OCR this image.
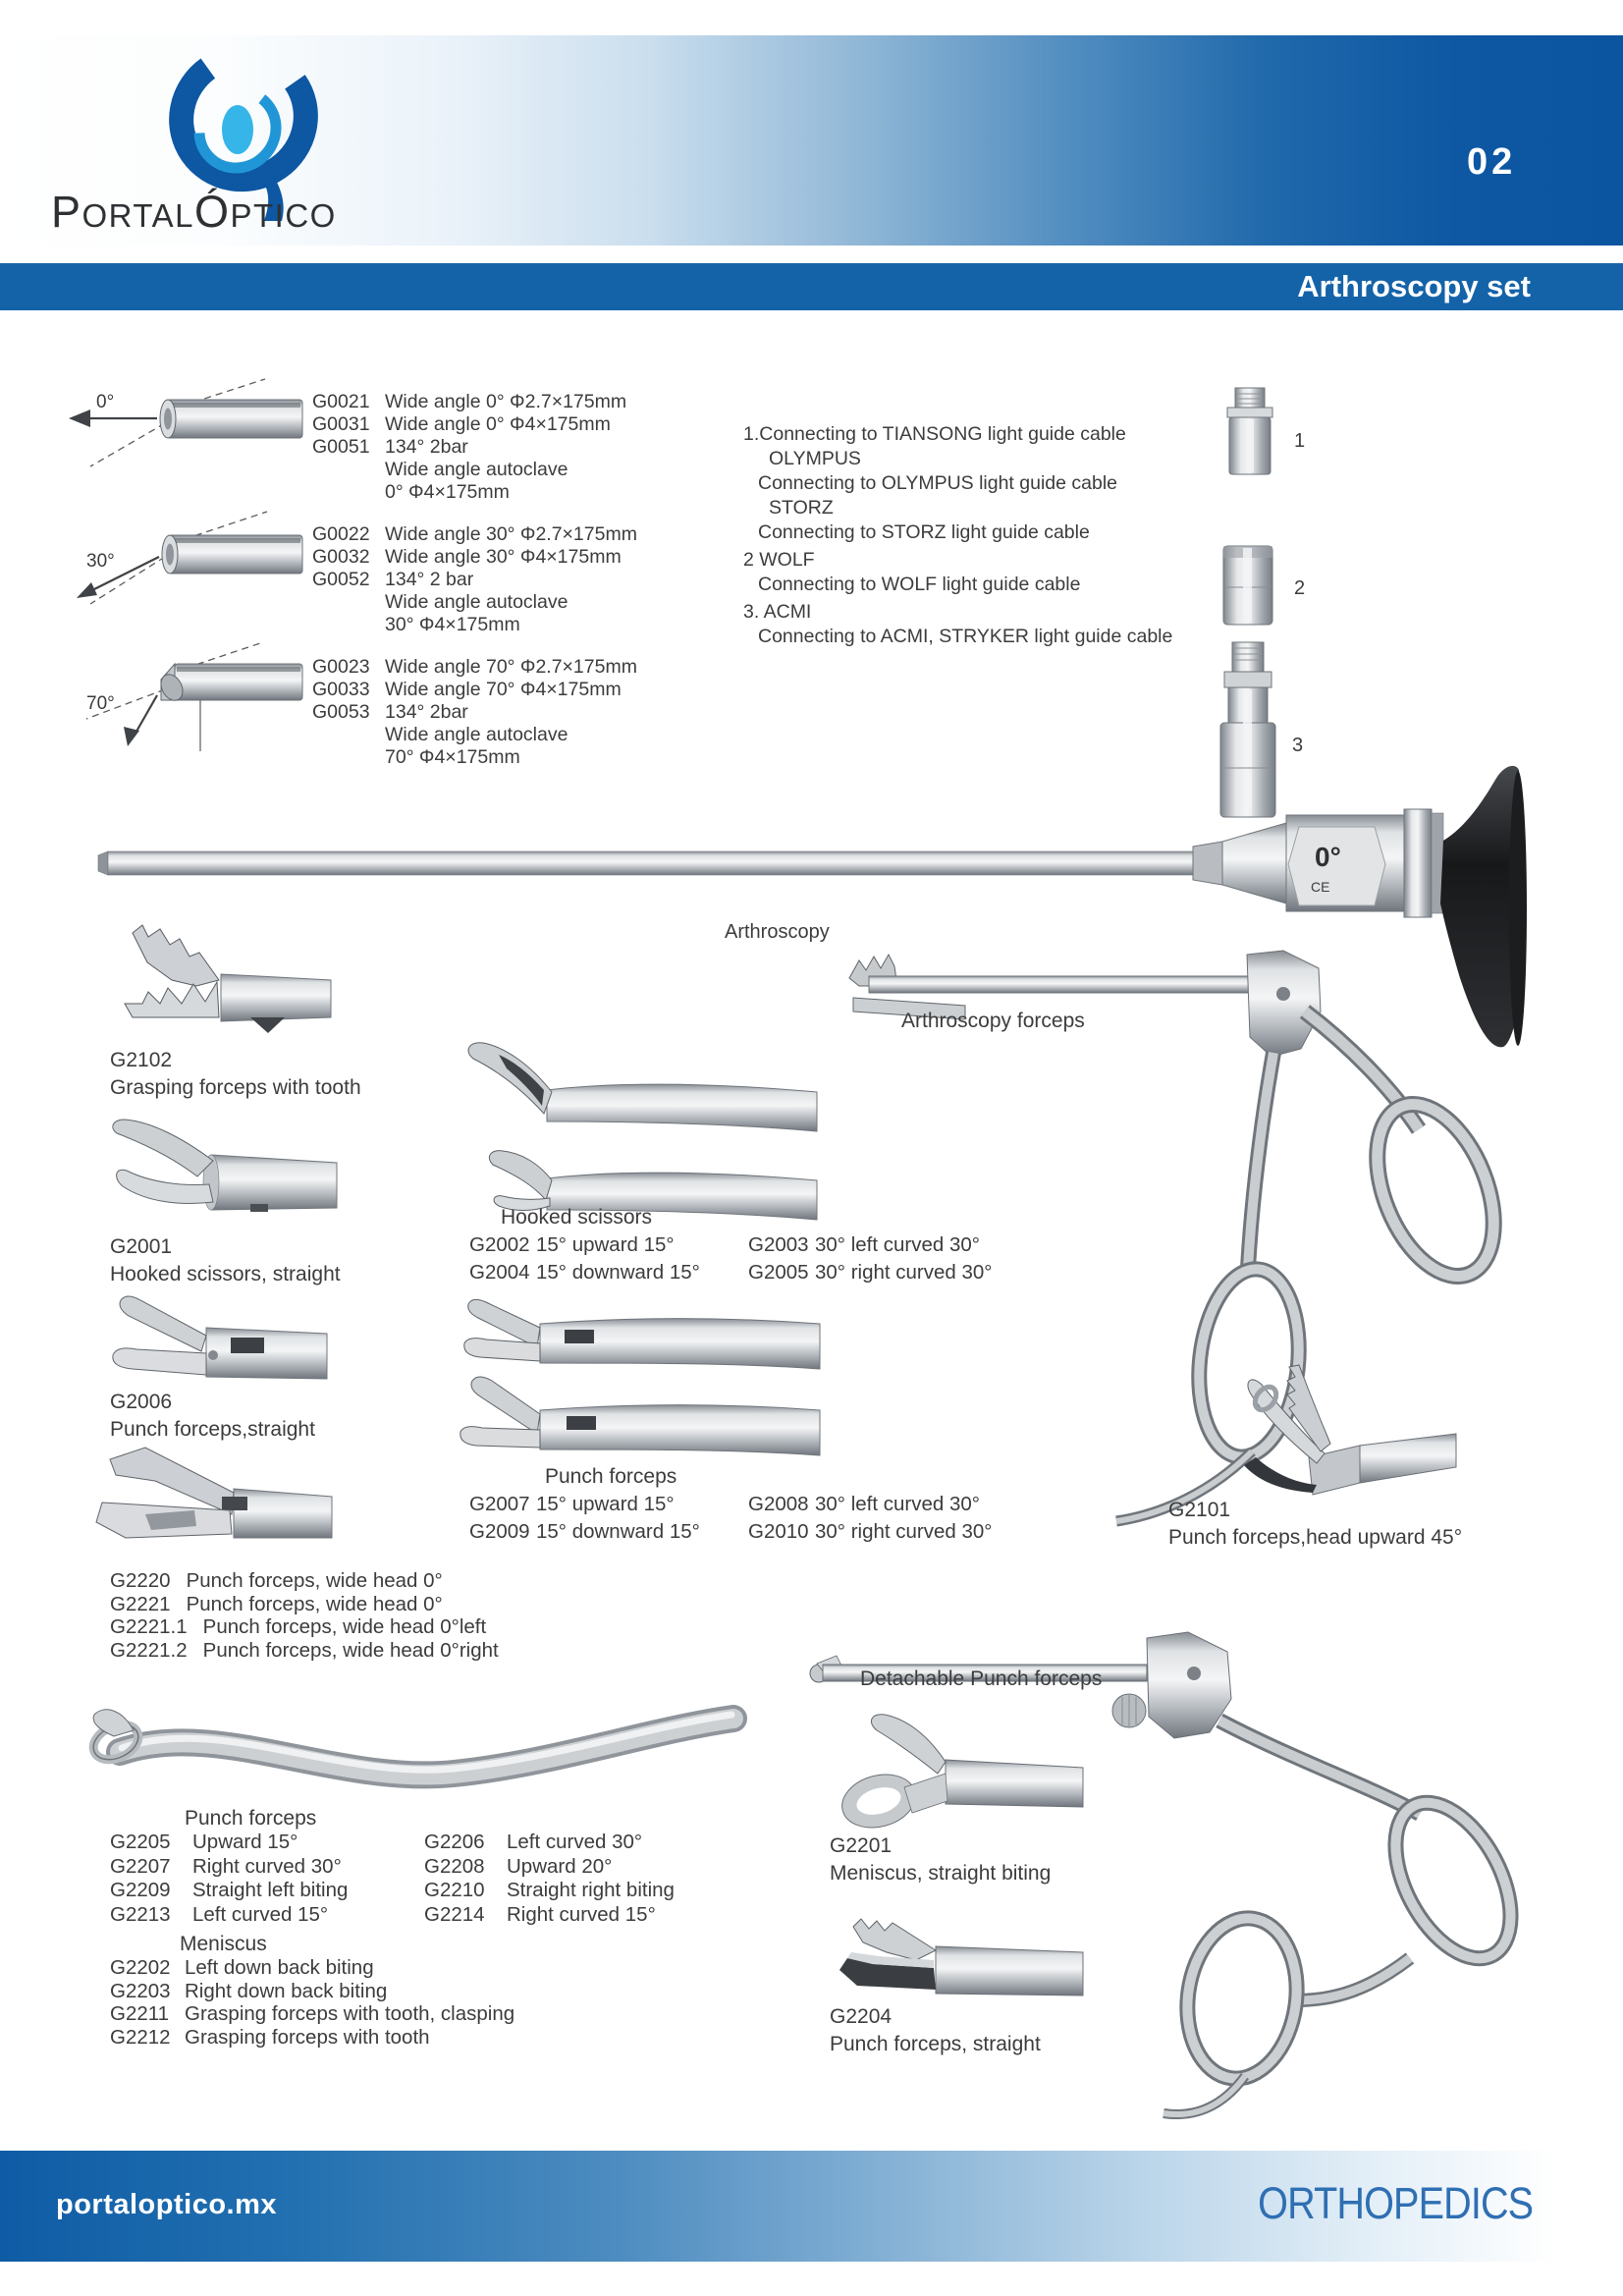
P ORTAL Ó PTICO
02
Arthroscopy set
0°	G0021 Wide angle 0° Φ2.7×175mm
G0031 Wide angle 0° Φ4×175mm
G0051 134° 2bar
Wide angle autoclave
0° Φ4×175mm
30°
G0022 Wide angle 30° Φ2.7×175mm
G0032 Wide angle 30° Φ4×175mm
G0052 134° 2 bar
Wide angle autoclave
30° Φ4×175mm
70°
G0023 Wide angle 70° Φ2.7×175mm
G0033 Wide angle 70° Φ4×175mm
G0053 134° 2bar
Wide angle autoclave
70° Φ4×175mm
1.Connecting to TIANSONG light guide cable
OLYMPUS
Connecting to OLYMPUS light guide cable
STORZ
Connecting to STORZ light guide cable
2 WOLF
Connecting to WOLF light guide cable
3. ACMI
Connecting to ACMI, STRYKER light guide cable
1
2
3
0°
CE
Arthroscopy
G2102
Grasping forceps with tooth
G2001
Hooked scissors, straight
G2006
Punch forceps,straight
G2220 Punch forceps, wide head 0°
G2221 Punch forceps, wide head 0°
G2221.1 Punch forceps, wide head 0°left
G2221.2 Punch forceps, wide head 0°right
Punch forceps
G2205	Upward 15°
G2207	Right curved 30°
G2209	Straight left biting
G2213	Left curved 15°
G2206	Left curved 30°
G2208	Upward 20°
G2210	Straight right biting
G2214	Right curved 15°
Meniscus
G2202 Left down back biting
G2203 Right down back biting
G2211 Grasping forceps with tooth, clasping
G2212 Grasping forceps with tooth
Hooked scissors
G2002 15° upward 15°
G2004 15° downward 15°
G2003 30° left curved 30°
G2005 30° right curved 30°
Punch forceps
G2007 15° upward 15°
G2009 15° downward 15°
G2008 30° left curved 30°
G2010 30° right curved 30°
Arthroscopy forceps
G2101
Punch forceps,head upward 45°
Detachable Punch forceps
G2201
Meniscus, straight biting
G2204
Punch forceps, straight
portaloptico.mx	ORTHOPEDICS
